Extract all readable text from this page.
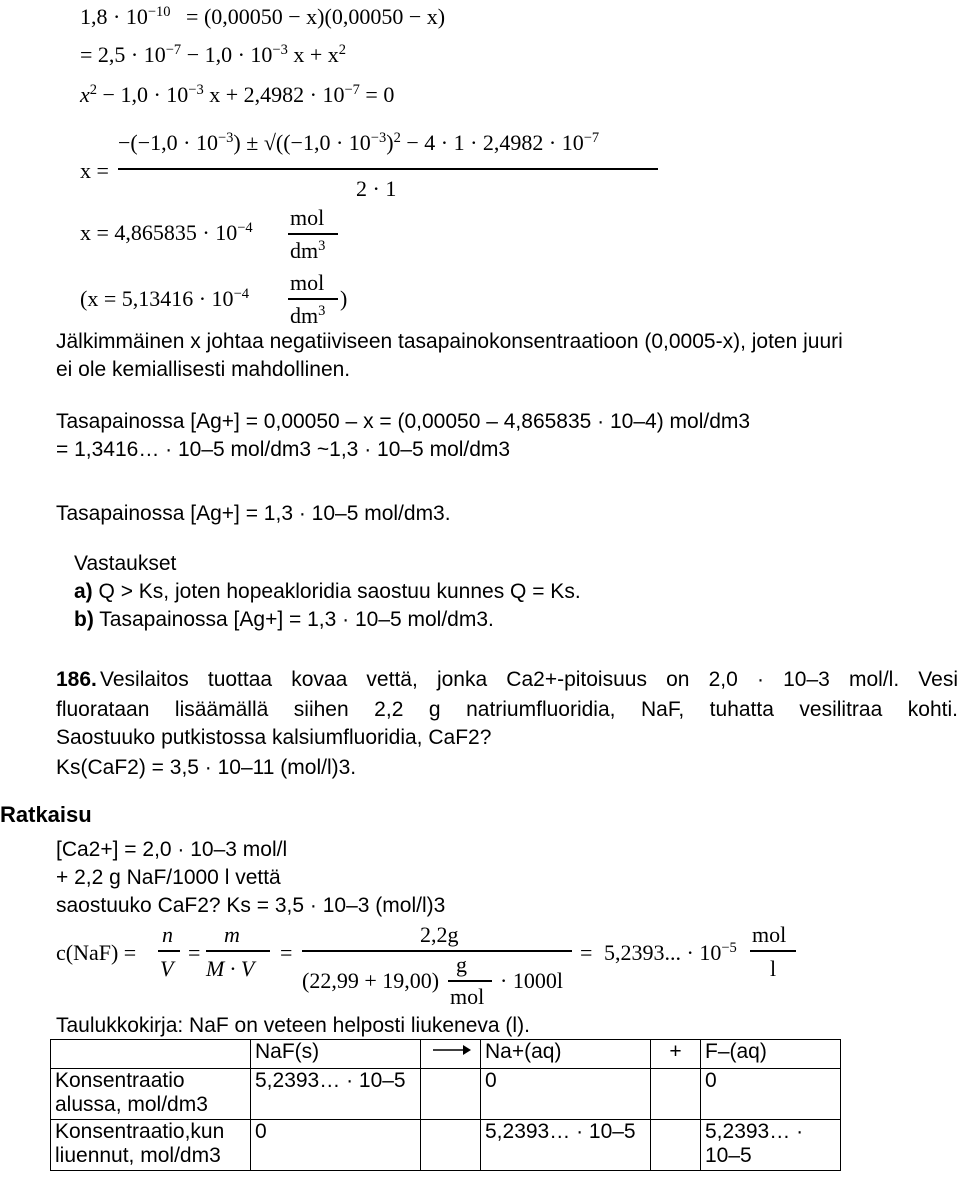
$1,8 \cdot 10^{-10} = (0,00050 - x)(0,00050 - x)$
= $2,5 \cdot 10^{-7} - 1,0 \cdot 10^{-3}$ $x + x^2$
$x^2 - 1,0 \cdot 10^{-3}$ $x + 2,4982 \cdot 10^{-7} = 0$
x =
$-(-1,0 \cdot 10^{-3}) \pm √((-1,0 \cdot 10^{-3})^2 - 4 \cdot 1 \cdot 2,4982 \cdot 10^{-7}$
2 · 1
$x = 4,865835 \cdot 10^{-4}$ mol
$dm^3$
($x = 5,13416 \cdot 10^{-4}$ mol
$dm^3$
)
Jälkimmäinen x johtaa negatiiviseen tasapainokonsentraatioon (0,0005-x), joten juuri
ei ole kemiallisesti mahdollinen.
Tasapainossa [Ag+] = 0,00050 – x = (0,00050 – 4,865835 · 10–4) mol/dm3
= 1,3416… · 10–5 mol/dm3 ~1,3 · 10–5 mol/dm3
Tasapainossa [Ag+] = 1,3 · 10–5 mol/dm3.
Vastaukset
a) Q > Ks, joten hopeakloridia saostuu kunnes Q = Ks.
b) Tasapainossa [Ag+] = 1,3 · 10–5 mol/dm3.
186. Vesilaitos tuottaa kovaa vettä, jonka Ca2+-pitoisuus on 2,0 · 10–3 mol/l. Vesi
fluorataan lisäämällä siihen 2,2 g natriumfluoridia, NaF, tuhatta vesilitraa kohti.
Saostuuko putkistossa kalsiumfluoridia, CaF2?
Ks(CaF2) = 3,5 · 10–11 (mol/l)3.
Ratkaisu
[Ca2+] = 2,0 · 10–3 mol/l
+ 2,2 g NaF/1000 l vettä
saostuuko CaF2? Ks = 3,5 · 10–3 (mol/l)3
c(NaF) =
n
V
=
m
M · V
=
2,2g
(22,99 + 19,00)
g
mol
· 1000l
= 5,2393... · $10^{-5}$
mol
l
Taulukkokirja: NaF on veteen helposti liukeneva (l).
	NaF(s)		Na+(aq)	+	F–(aq)
Konsentraatio alussa, mol/dm3	5,2393… · 10–5		0		0
Konsentraatio,kun liuennut, mol/dm3	0		5,2393… · 10–5		5,2393… · 10–5
